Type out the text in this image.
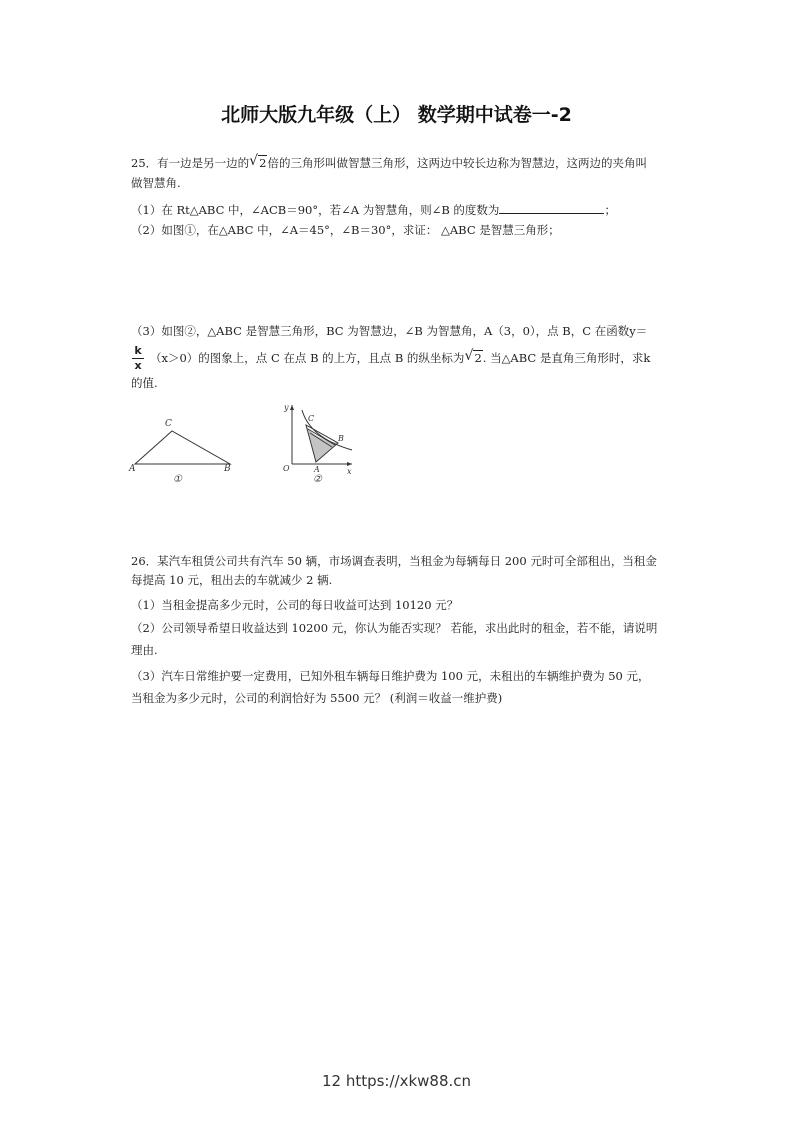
北师大版九年级（上） 数学期中试卷一-2
25．有一边是另一边的 √ 2倍的三角形叫做智慧三角形，这两边中较长边称为智慧边，这两边的夹角叫
做智慧角.
（1）在 Rt△ABC 中，∠ACB＝90°，若∠A 为智慧角，则∠B 的度数为	；
（2）如图①，在△ABC 中，∠A＝45°，∠B＝30°，求证： △ABC 是智慧三角形；
（3）如图②，△ABC 是智慧三角形，BC 为智慧边，∠B 为智慧角，A（3，0），点 B，C 在函数y＝
k
x
（x＞0）的图象上，点 C 在点 B 的上方，且点 B 的纵坐标为 √ 2. 当△ABC 是直角三角形时，求k
的值.
C
A	B
①
y
x
O	A
C
B
②
26．某汽车租赁公司共有汽车 50 辆，市场调查表明，当租金为每辆每日 200 元时可全部租出，当租金
每提高 10 元，租出去的车就减少 2 辆.
（1）当租金提高多少元时，公司的每日收益可达到 10120 元？
（2）公司领导希望日收益达到 10200 元，你认为能否实现？ 若能，求出此时的租金，若不能，请说明
理由.
（3）汽车日常维护要一定费用，已知外租车辆每日维护费为 100 元，未租出的车辆维护费为 50 元，
当租金为多少元时，公司的利润恰好为 5500 元？ (利润＝收益一维护费)
12 https://xkw88.cn
